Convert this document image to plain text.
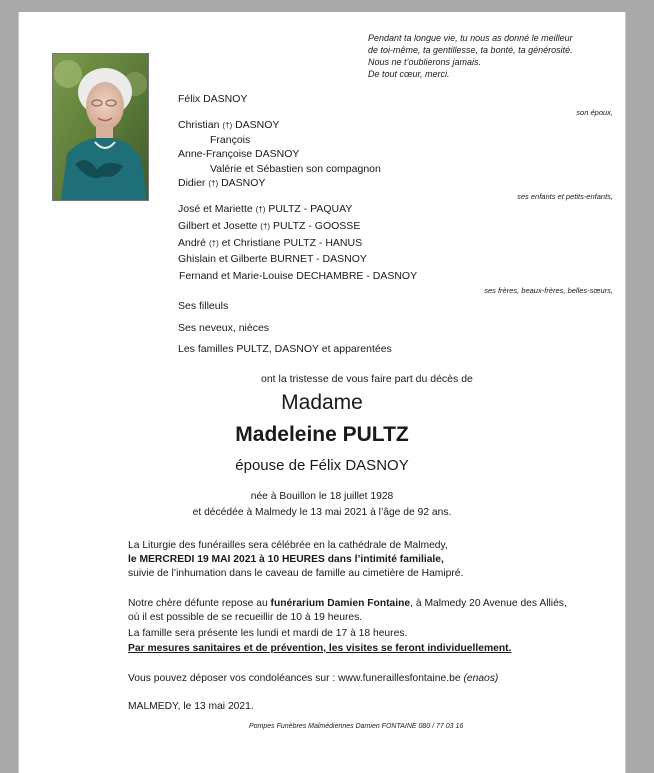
Pendant ta longue vie, tu nous as donné le meilleur
de toi-même, ta gentillesse, ta bonté, ta générosité.
Nous ne t’oublierons jamais.
De tout cœur, merci.
Félix DASNOY
son époux,
Christian (†) DASNOY
François
Anne-Françoise DASNOY
Valérie et Sébastien son compagnon
Didier (†) DASNOY
ses enfants et petits-enfants,
José et Mariette (†) PULTZ - PAQUAY
Gilbert et Josette (†) PULTZ - GOOSSE
André (†) et Christiane PULTZ - HANUS
Ghislain et Gilberte BURNET - DASNOY
Fernand et Marie-Louise DECHAMBRE - DASNOY
ses frères, beaux-frères, belles-sœurs,
Ses filleuls
Ses neveux, nièces
Les familles PULTZ, DASNOY et apparentées
ont la tristesse de vous faire part du décès de
Madame
Madeleine PULTZ
épouse de Félix DASNOY
née à Bouillon le 18 juillet 1928
et décédée à Malmedy le 13 mai 2021 à l’âge de 92 ans.
La Liturgie des funérailles sera célébrée en la cathédrale de Malmedy,
le MERCREDI 19 MAI 2021 à 10 HEURES dans l’intimité familiale,
suivie de l’inhumation dans le caveau de famille au cimetière de Hamipré.
Notre chère défunte repose au funérarium Damien Fontaine, à Malmedy 20 Avenue des Alliés,
où il est possible de se recueillir de 10 à 19 heures.
La famille sera présente les lundi et mardi de 17 à 18 heures.
Par mesures sanitaires et de prévention, les visites se feront individuellement.
Vous pouvez déposer vos condoléances sur : www.funeraillesfontaine.be (enaos)
MALMEDY, le 13 mai 2021.
Pompes Funèbres Malmédiennes Damien FONTAINE 080 / 77 03 16
